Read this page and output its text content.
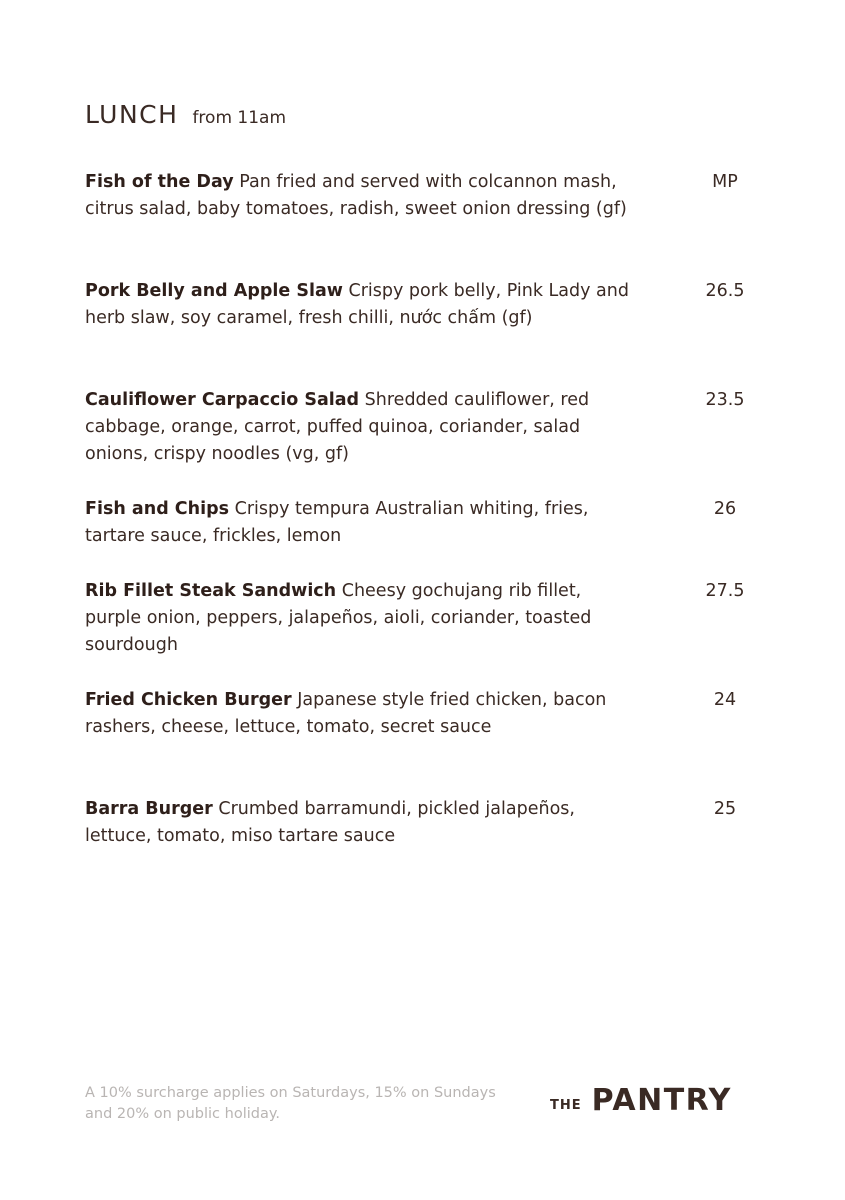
LUNCH from 11am
Fish of the Day Pan fried and served with colcannon mash, citrus salad, baby tomatoes, radish, sweet onion dressing (gf)
MP
Pork Belly and Apple Slaw Crispy pork belly, Pink Lady and herb slaw, soy caramel, fresh chilli, nước chấm (gf)
26.5
Cauliflower Carpaccio Salad Shredded cauliflower, red cabbage, orange, carrot, puffed quinoa, coriander, salad onions, crispy noodles (vg, gf)
23.5
Fish and Chips Crispy tempura Australian whiting, fries, tartare sauce, frickles, lemon
26
Rib Fillet Steak Sandwich Cheesy gochujang rib fillet, purple onion, peppers, jalapeños, aioli, coriander, toasted sourdough
27.5
Fried Chicken Burger Japanese style fried chicken, bacon rashers, cheese, lettuce, tomato, secret sauce
24
Barra Burger Crumbed barramundi, pickled jalapeños, lettuce, tomato, miso tartare sauce
25
A 10% surcharge applies on Saturdays, 15% on Sundays and 20% on public holiday.
THE PANTRY
